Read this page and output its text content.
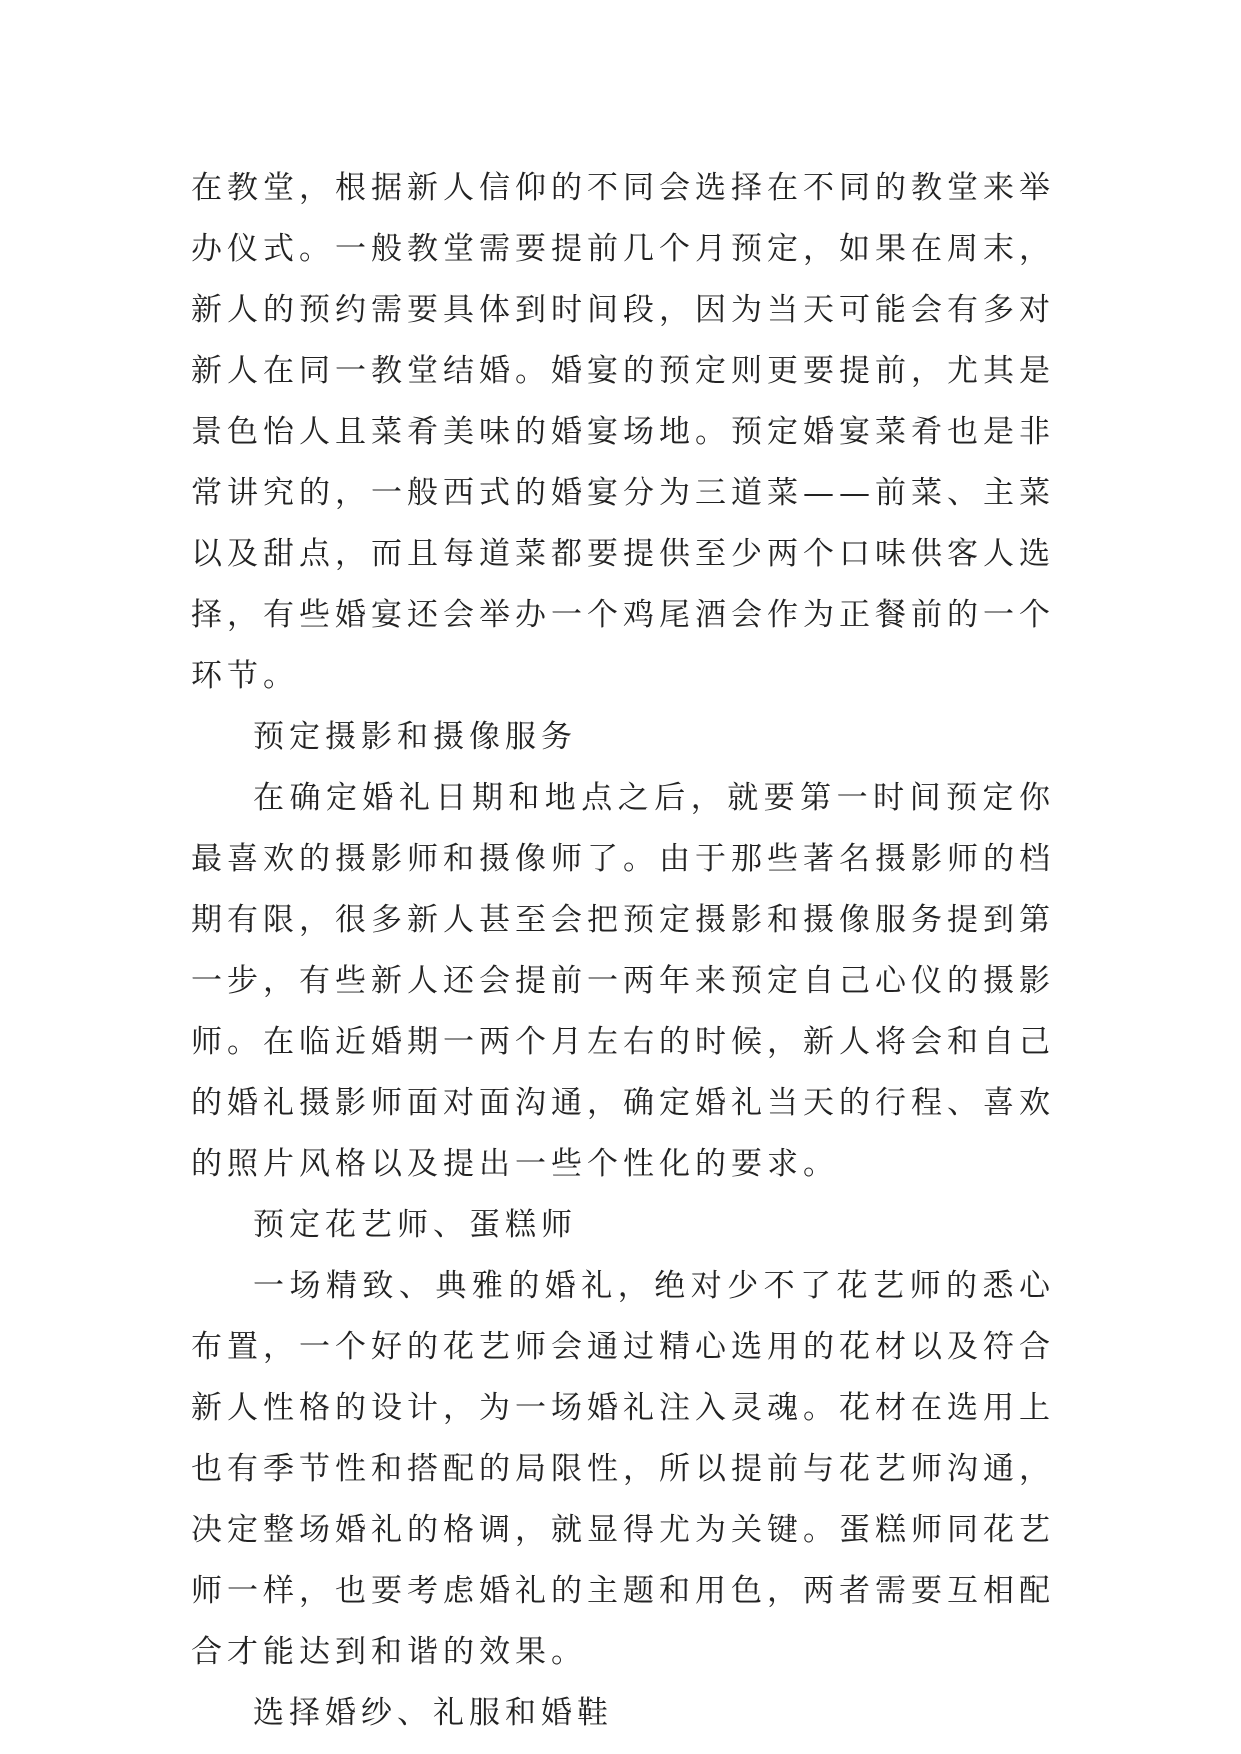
在教堂，根据新人信仰的不同会选择在不同的教堂来举办仪式。一般教堂需要提前几个月预定，如果在周末，新人的预约需要具体到时间段，因为当天可能会有多对新人在同一教堂结婚。婚宴的预定则更要提前，尤其是景色怡人且菜肴美味的婚宴场地。预定婚宴菜肴也是非常讲究的，一般西式的婚宴分为三道菜——前菜、主菜以及甜点，而且每道菜都要提供至少两个口味供客人选择，有些婚宴还会举办一个鸡尾酒会作为正餐前的一个环节。

预定摄影和摄像服务

在确定婚礼日期和地点之后，就要第一时间预定你最喜欢的摄影师和摄像师了。由于那些著名摄影师的档期有限，很多新人甚至会把预定摄影和摄像服务提到第一步，有些新人还会提前一两年来预定自己心仪的摄影师。在临近婚期一两个月左右的时候，新人将会和自己的婚礼摄影师面对面沟通，确定婚礼当天的行程、喜欢的照片风格以及提出一些个性化的要求。

预定花艺师、蛋糕师

一场精致、典雅的婚礼，绝对少不了花艺师的悉心布置，一个好的花艺师会通过精心选用的花材以及符合新人性格的设计，为一场婚礼注入灵魂。花材在选用上也有季节性和搭配的局限性，所以提前与花艺师沟通，决定整场婚礼的格调，就显得尤为关键。蛋糕师同花艺师一样，也要考虑婚礼的主题和用色，两者需要互相配合才能达到和谐的效果。

选择婚纱、礼服和婚鞋
